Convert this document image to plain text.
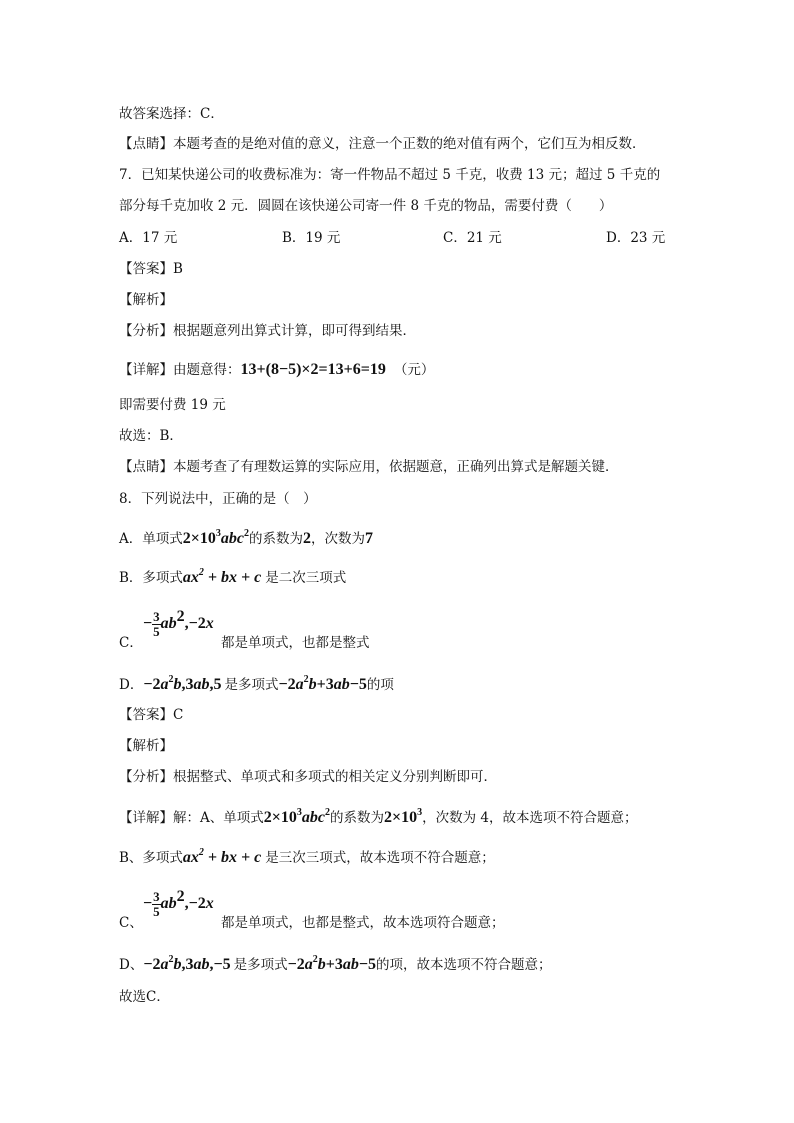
故答案选择：C．
【点睛】本题考查的是绝对值的意义，注意一个正数的绝对值有两个，它们互为相反数．
7．已知某快递公司的收费标准为：寄一件物品不超过 5 千克，收费 13 元；超过 5 千克的
部分每千克加收 2 元．圆圆在该快递公司寄一件 8 千克的物品，需要付费（　　）
A．17 元	B．19 元	C．21 元	D．23 元
【答案】B
【解析】
【分析】根据题意列出算式计算，即可得到结果．
【详解】由题意得：13+(8−5)×2=13+6=19 （元）
即需要付费 19 元
故选：B．
【点睛】本题考查了有理数运算的实际应用，依据题意，正确列出算式是解题关键．
8．下列说法中，正确的是（　）
A．单项式$2\times 10^3abc^2$的系数为2，次数为7
B．多项式$ax^2$ + bx + c 是二次三项式
C．
− $\frac{3}{5} ab^2,-2x$
都是单项式，也都是整式
D．$-2a^2b,3ab,5$ 是多项式$-2a^2b+3ab-5$的项
【答案】C
【解析】
【分析】根据整式、单项式和多项式的相关定义分别判断即可．
【详解】解：A、单项式$2\times 10^3abc^2$的系数为$2\times 10^3$，次数为 4，故本选项不符合题意；
B、多项式$ax^2$ + bx + c 是三次三项式，故本选项不符合题意；
C、
− $\frac{3}{5} ab^2,-2x$
都是单项式，也都是整式，故本选项符合题意；
D、$-2a^2b,3ab,-5$ 是多项式$-2a^2b+3ab-5$的项，故本选项不符合题意；
故选C．
